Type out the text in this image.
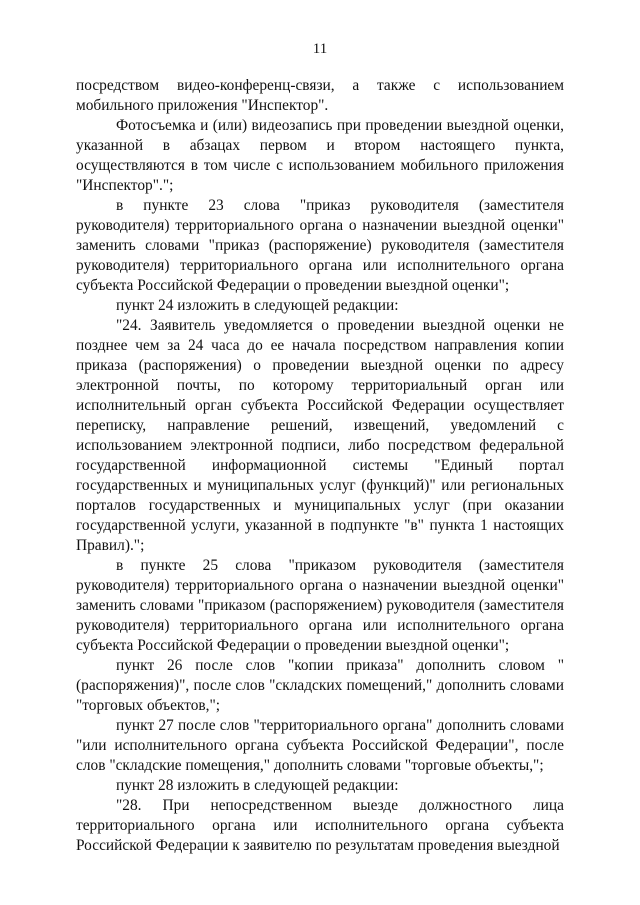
11

посредством видео-конференц-связи, а также с использованием мобильного приложения "Инспектор".

Фотосъемка и (или) видеозапись при проведении выездной оценки, указанной в абзацах первом и втором настоящего пункта, осуществляются в том числе с использованием мобильного приложения "Инспектор".";

в пункте 23 слова "приказ руководителя (заместителя руководителя) территориального органа о назначении выездной оценки" заменить словами "приказ (распоряжение) руководителя (заместителя руководителя) территориального органа или исполнительного органа субъекта Российской Федерации о проведении выездной оценки";

пункт 24 изложить в следующей редакции:

"24. Заявитель уведомляется о проведении выездной оценки не позднее чем за 24 часа до ее начала посредством направления копии приказа (распоряжения) о проведении выездной оценки по адресу электронной почты, по которому территориальный орган или исполнительный орган субъекта Российской Федерации осуществляет переписку, направление решений, извещений, уведомлений с использованием электронной подписи, либо посредством федеральной государственной информационной системы "Единый портал государственных и муниципальных услуг (функций)" или региональных порталов государственных и муниципальных услуг (при оказании государственной услуги, указанной в подпункте "в" пункта 1 настоящих Правил).";

в пункте 25 слова "приказом руководителя (заместителя руководителя) территориального органа о назначении выездной оценки" заменить словами "приказом (распоряжением) руководителя (заместителя руководителя) территориального органа или исполнительного органа субъекта Российской Федерации о проведении выездной оценки";

пункт 26 после слов "копии приказа" дополнить словом "(распоряжения)", после слов "складских помещений," дополнить словами "торговых объектов,";

пункт 27 после слов "территориального органа" дополнить словами "или исполнительного органа субъекта Российской Федерации", после слов "складские помещения," дополнить словами "торговые объекты,";

пункт 28 изложить в следующей редакции:

"28. При непосредственном выезде должностного лица территориального органа или исполнительного органа субъекта Российской Федерации к заявителю по результатам проведения выездной
